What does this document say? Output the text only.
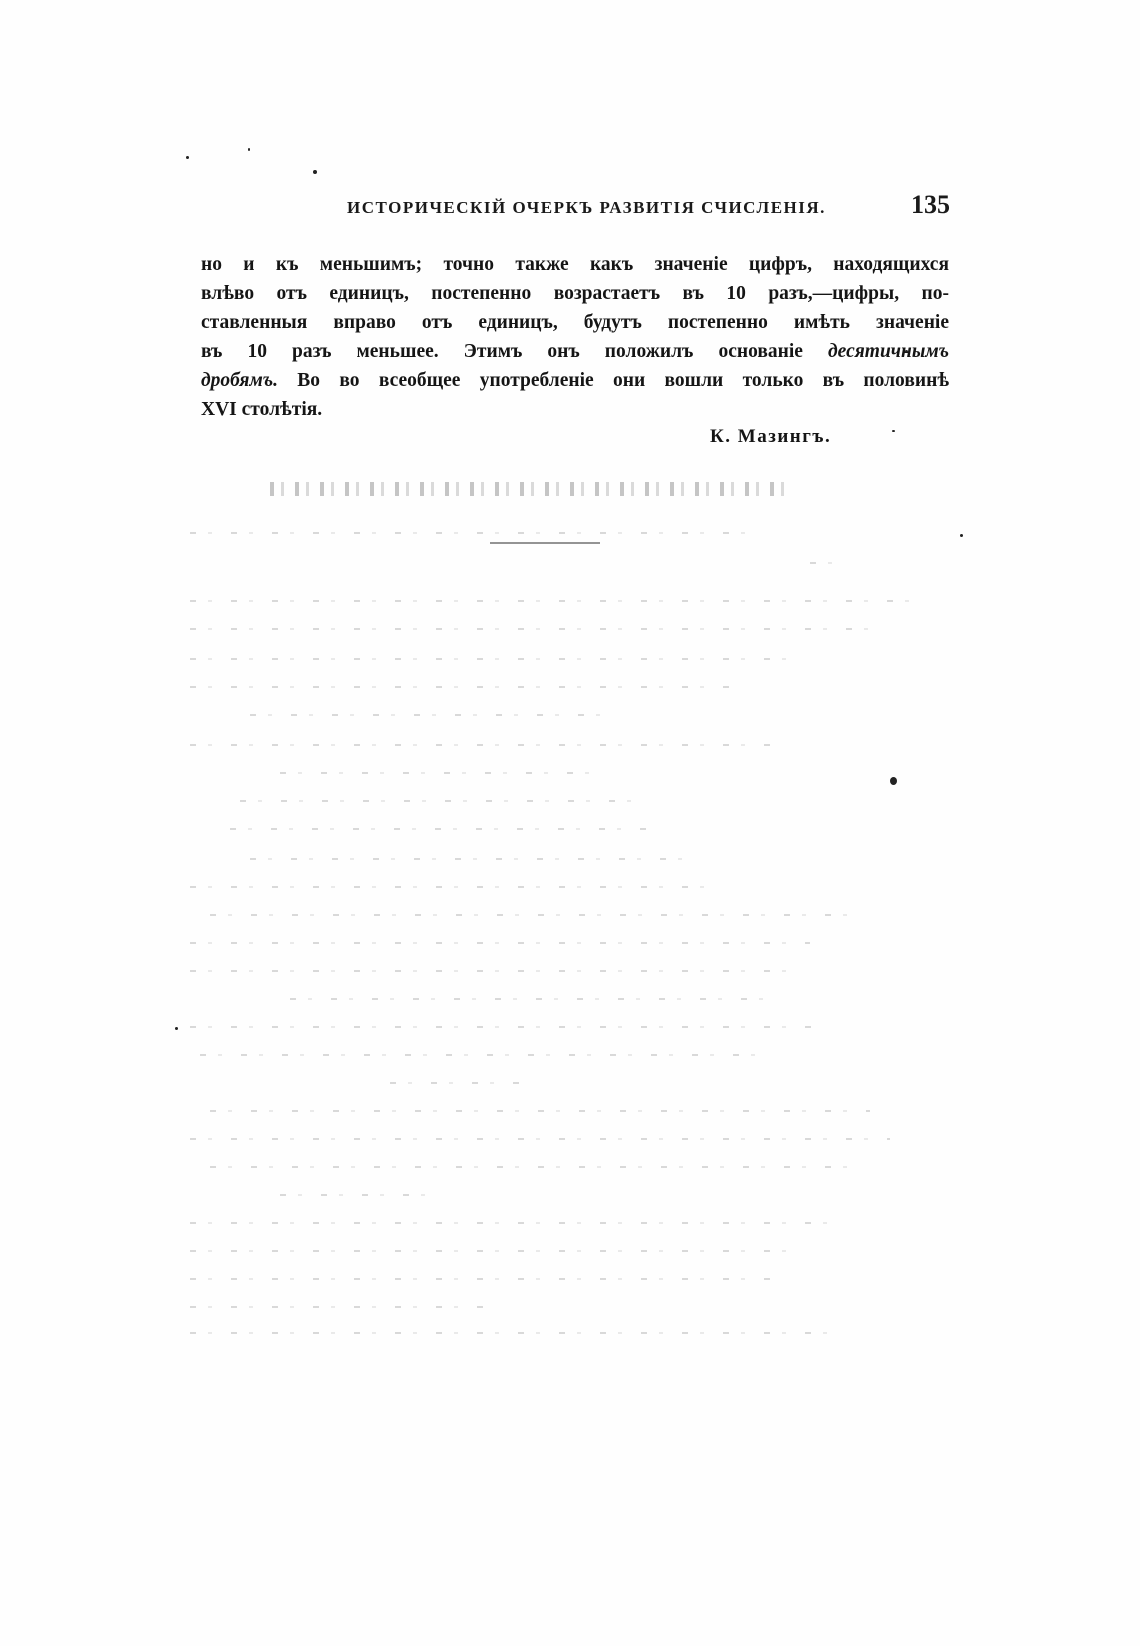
ИСТОРИЧЕСКІЙ ОЧЕРКЪ РАЗВИТІЯ СЧИСЛЕНІЯ.	135
но и къ меньшимъ; точно также какъ значеніе цифръ, находящихся
влѣво отъ единицъ, постепенно возрастаетъ въ 10 разъ,—цифры, по-
ставленныя вправо отъ единицъ, будутъ постепенно имѣть значеніе
въ 10 разъ меньшее. Этимъ онъ положилъ основаніе десятичнымъ
дробямъ. Во во всеобщее употребленіе они вошли только въ половинѣ
XVI столѣтія.
К. Мазингъ.
